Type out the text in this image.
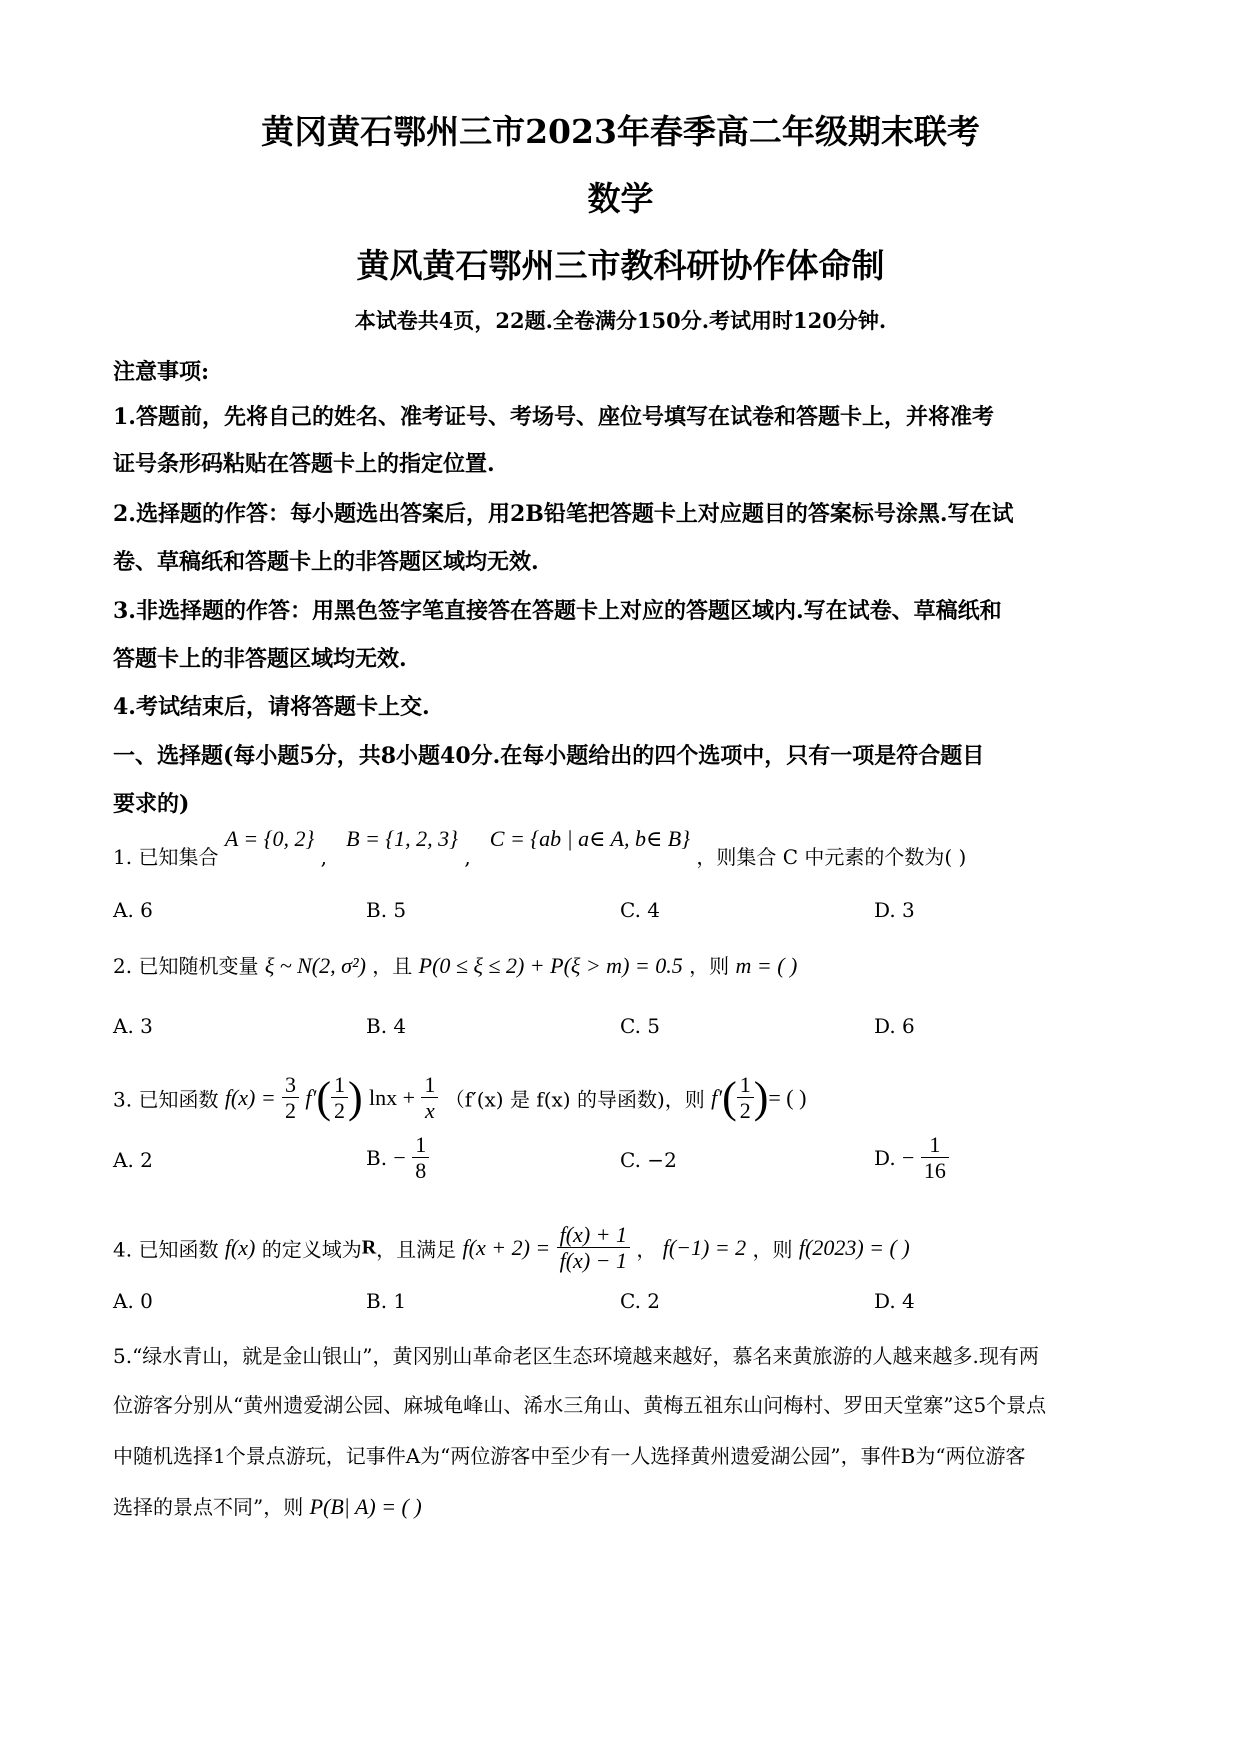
黄冈黄石鄂州三市2023年春季高二年级期末联考
数学
黄风黄石鄂州三市教科研协作体命制
本试卷共4页，22题.全卷满分150分.考试用时120分钟.
注意事项:
1.答题前，先将自己的姓名、准考证号、考场号、座位号填写在试卷和答题卡上，并将准考
证号条形码粘贴在答题卡上的指定位置.
2.选择题的作答：每小题选出答案后，用2B铅笔把答题卡上对应题目的答案标号涂黑.写在试
卷、草稿纸和答题卡上的非答题区域均无效.
3.非选择题的作答：用黑色签字笔直接答在答题卡上对应的答题区域内.写在试卷、草稿纸和
答题卡上的非答题区域均无效.
4.考试结束后，请将答题卡上交.
一、选择题(每小题5分，共8小题40分.在每小题给出的四个选项中，只有一项是符合题目
要求的)
1. 已知集合 A = {0, 2} ,   B = {1, 2, 3} ,   C = {ab | a∈ A, b∈ B} ，则集合 C 中元素的个数为( )
A. 6	B. 5	C. 4	D. 3
2. 已知随机变量 ξ ~ N(2, σ²) ，且 P(0 ≤ ξ ≤ 2) + P(ξ > m) = 0.5 ，则 m = ( )
A. 3	B. 4	C. 5	D. 6
3. 已知函数 $f(x) = \frac{3}{2} f'( \frac{1}{2}$ ) $\ln x + \frac{1}{x} (f'(x)$ 是 f(x) 的导函数)，则 $f'( \frac{1}{2}$ )= ( )
A. 2	B. − $\frac{1}{8}$	C. −2	D. − $\frac{1}{16}$
4. 已知函数 f(x) 的定义域为R，且满足 $f(x + 2) = \frac{f(x) + 1}{f(x) - 1}$ ， f(−1) = 2 ，则 f(2023) = ( )
A. 0	B. 1	C. 2	D. 4
5.“绿水青山，就是金山银山”，黄冈别山革命老区生态环境越来越好，慕名来黄旅游的人越来越多.现有两
位游客分别从“黄州遗爱湖公园、麻城龟峰山、浠水三角山、黄梅五祖东山问梅村、罗田天堂寨”这5个景点
中随机选择1个景点游玩，记事件A为“两位游客中至少有一人选择黄州遗爱湖公园”，事件B为“两位游客
选择的景点不同”，则 P(B| A) = ( )
